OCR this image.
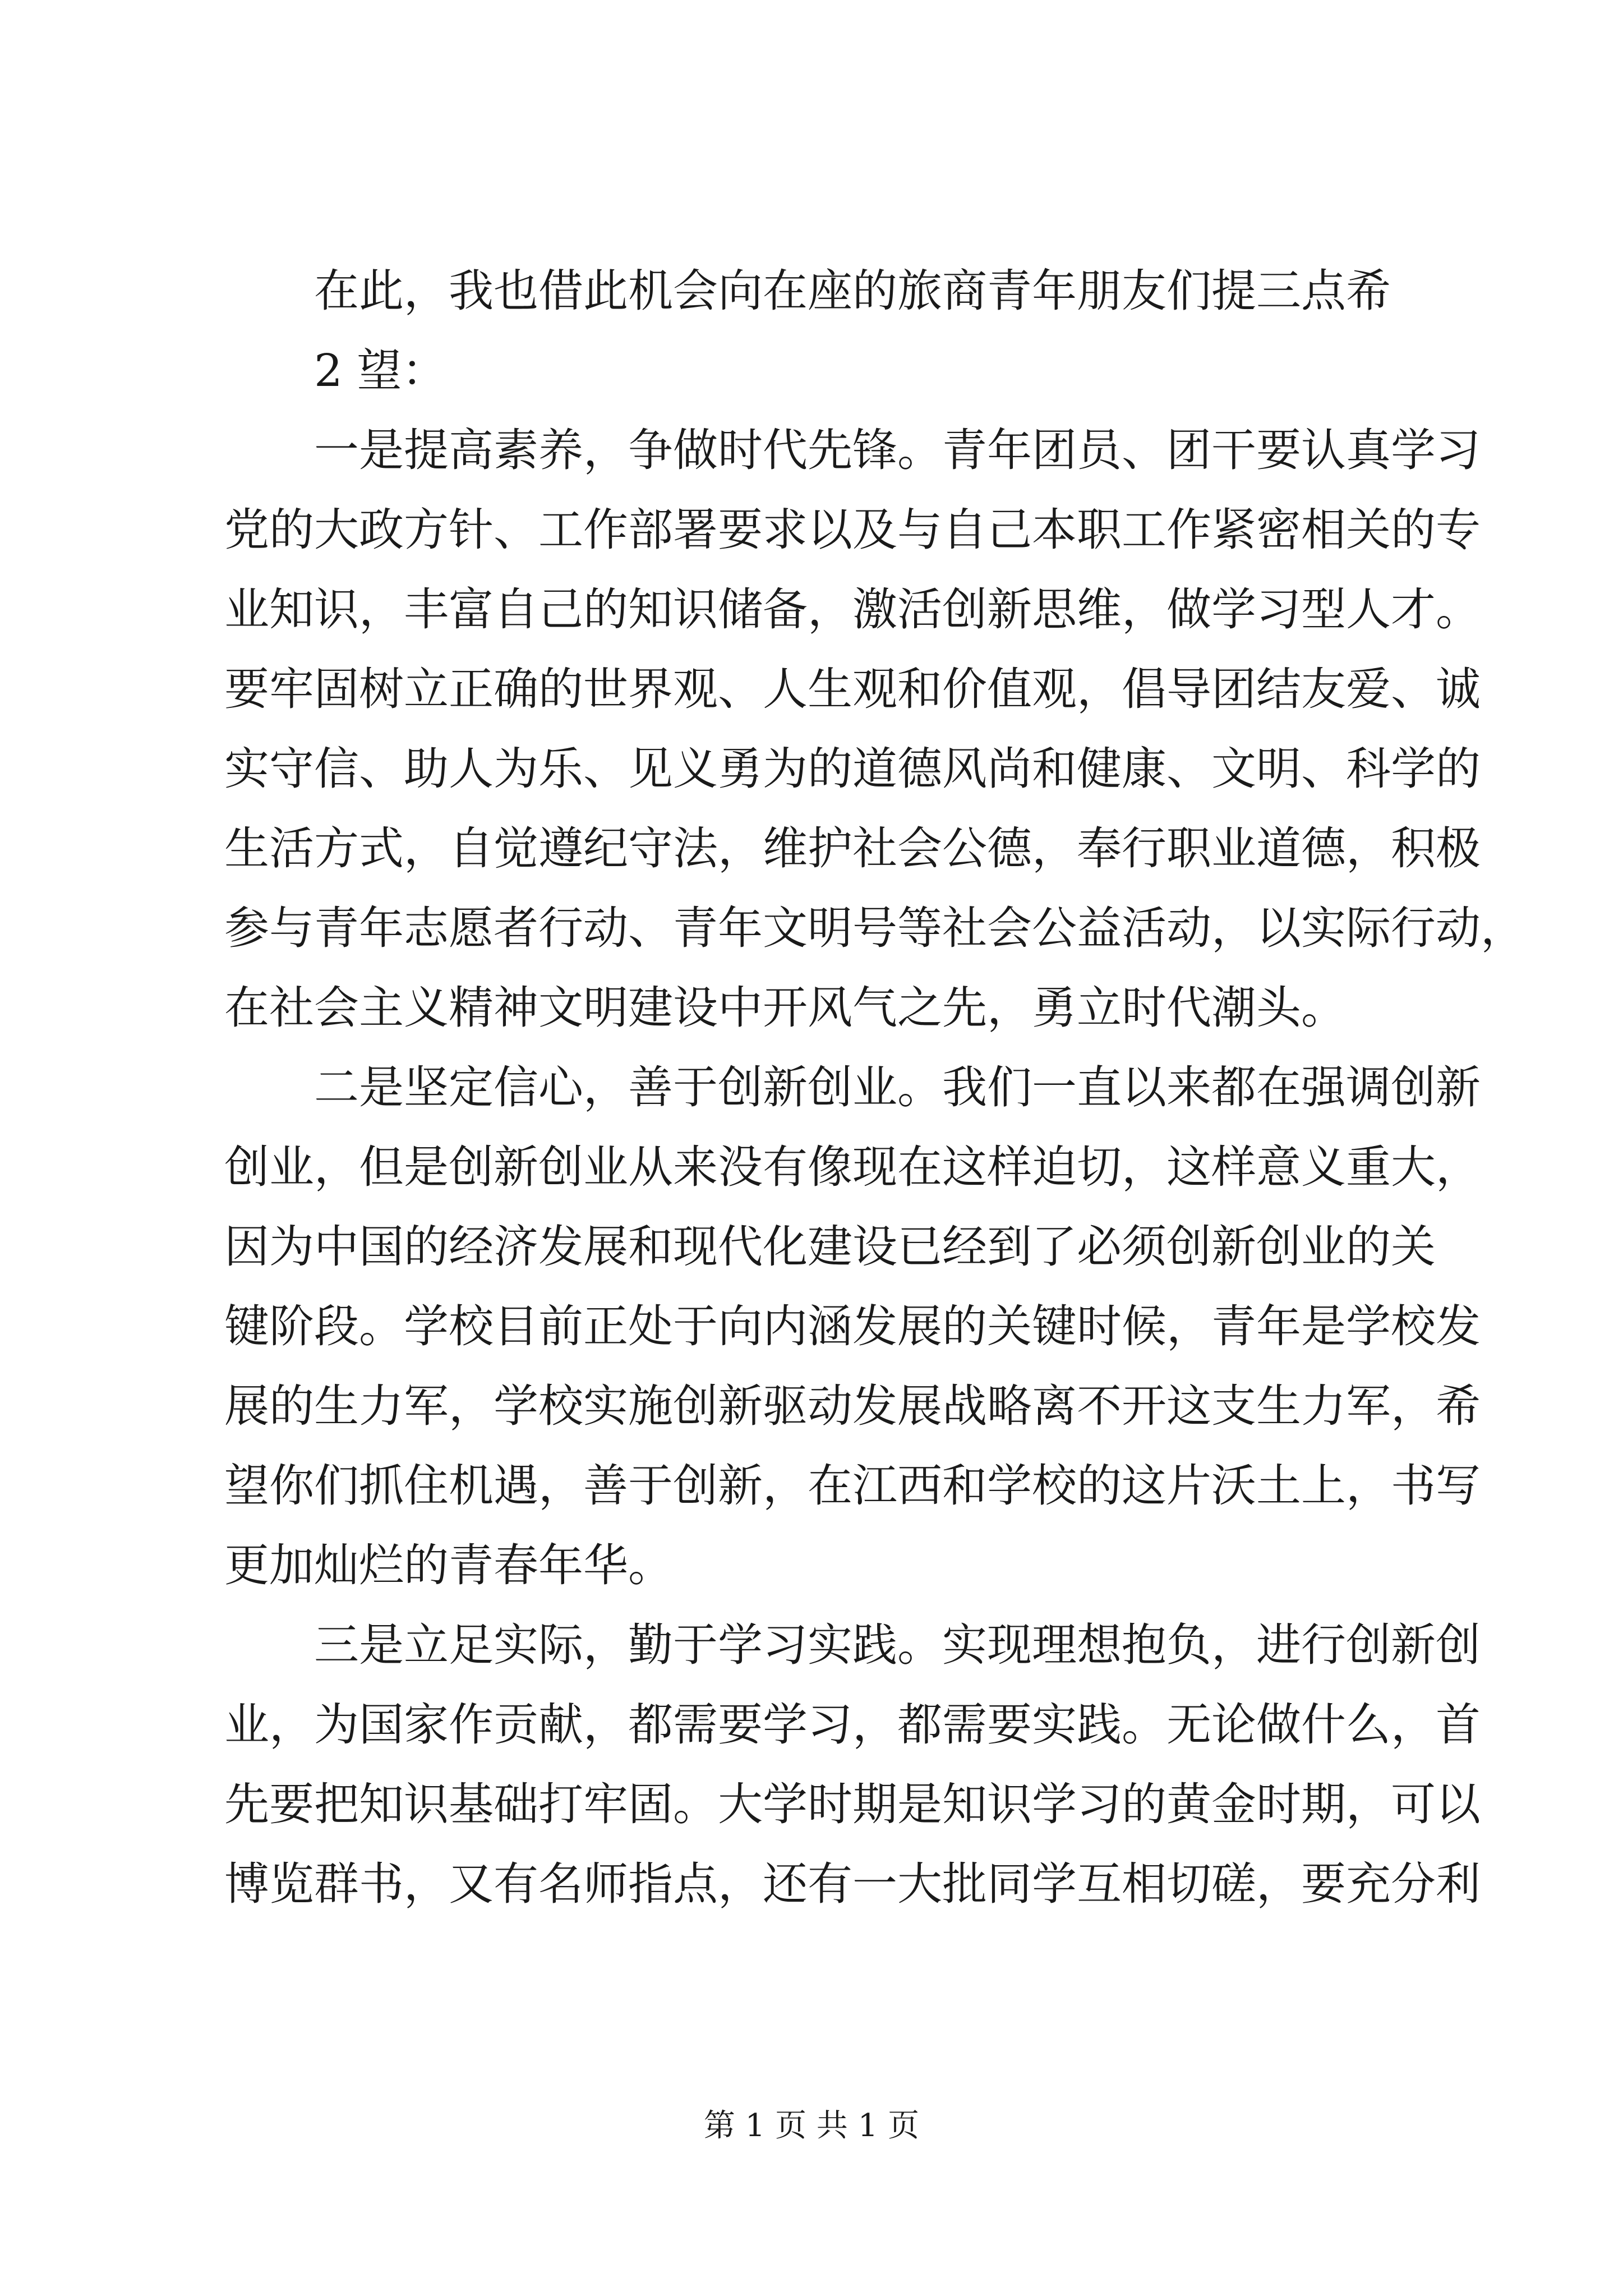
在此，我也借此机会向在座的旅商青年朋友们提三点希
2 望：
一是提高素养，争做时代先锋。青年团员、团干要认真学习
党的大政方针、工作部署要求以及与自己本职工作紧密相关的专
业知识，丰富自己的知识储备，激活创新思维，做学习型人才。
要牢固树立正确的世界观、人生观和价值观，倡导团结友爱、诚
实守信、助人为乐、见义勇为的道德风尚和健康、文明、科学的
生活方式，自觉遵纪守法，维护社会公德，奉行职业道德，积极
参与青年志愿者行动、青年文明号等社会公益活动，以实际行动，
在社会主义精神文明建设中开风气之先，勇立时代潮头。
二是坚定信心，善于创新创业。我们一直以来都在强调创新
创业，但是创新创业从来没有像现在这样迫切，这样意义重大，
因为中国的经济发展和现代化建设已经到了必须创新创业的关
键阶段。学校目前正处于向内涵发展的关键时候，青年是学校发
展的生力军，学校实施创新驱动发展战略离不开这支生力军，希
望你们抓住机遇，善于创新，在江西和学校的这片沃土上，书写
更加灿烂的青春年华。
三是立足实际，勤于学习实践。实现理想抱负，进行创新创
业，为国家作贡献，都需要学习，都需要实践。无论做什么，首
先要把知识基础打牢固。大学时期是知识学习的黄金时期，可以
博览群书，又有名师指点，还有一大批同学互相切磋，要充分利
第 1 页 共 1 页
